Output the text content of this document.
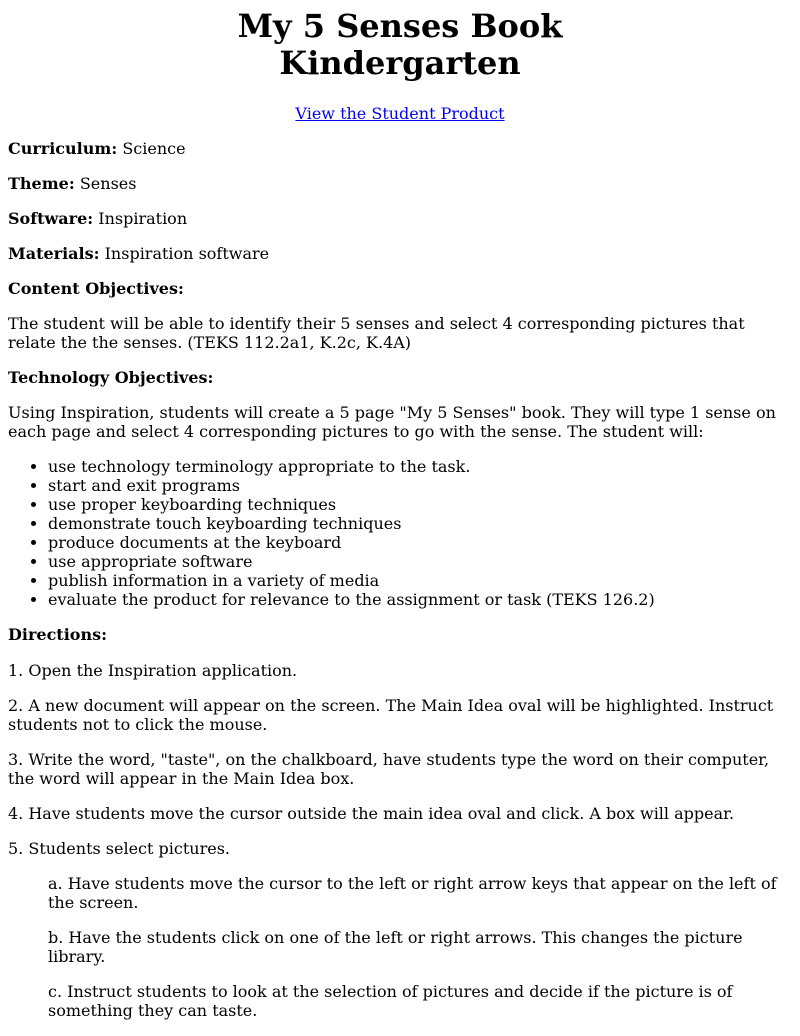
My 5 Senses Book
Kindergarten

View the Student Product

Curriculum: Science

Theme: Senses

Software: Inspiration

Materials: Inspiration software

Content Objectives:

The student will be able to identify their 5 senses and select 4 corresponding pictures that relate the the senses. (TEKS 112.2a1, K.2c, K.4A)

Technology Objectives:

Using Inspiration, students will create a 5 page "My 5 Senses" book. They will type 1 sense on each page and select 4 corresponding pictures to go with the sense. The student will:

• use technology terminology appropriate to the task.
• start and exit programs
• use proper keyboarding techniques
• demonstrate touch keyboarding techniques
• produce documents at the keyboard
• use appropriate software
• publish information in a variety of media
• evaluate the product for relevance to the assignment or task (TEKS 126.2)

Directions:

1. Open the Inspiration application.

2. A new document will appear on the screen. The Main Idea oval will be highlighted. Instruct students not to click the mouse.

3. Write the word, "taste", on the chalkboard, have students type the word on their computer, the word will appear in the Main Idea box.

4. Have students move the cursor outside the main idea oval and click. A box will appear.

5. Students select pictures.

a. Have students move the cursor to the left or right arrow keys that appear on the left of the screen.

b. Have the students click on one of the left or right arrows. This changes the picture library.

c. Instruct students to look at the selection of pictures and decide if the picture is of something they can taste.
